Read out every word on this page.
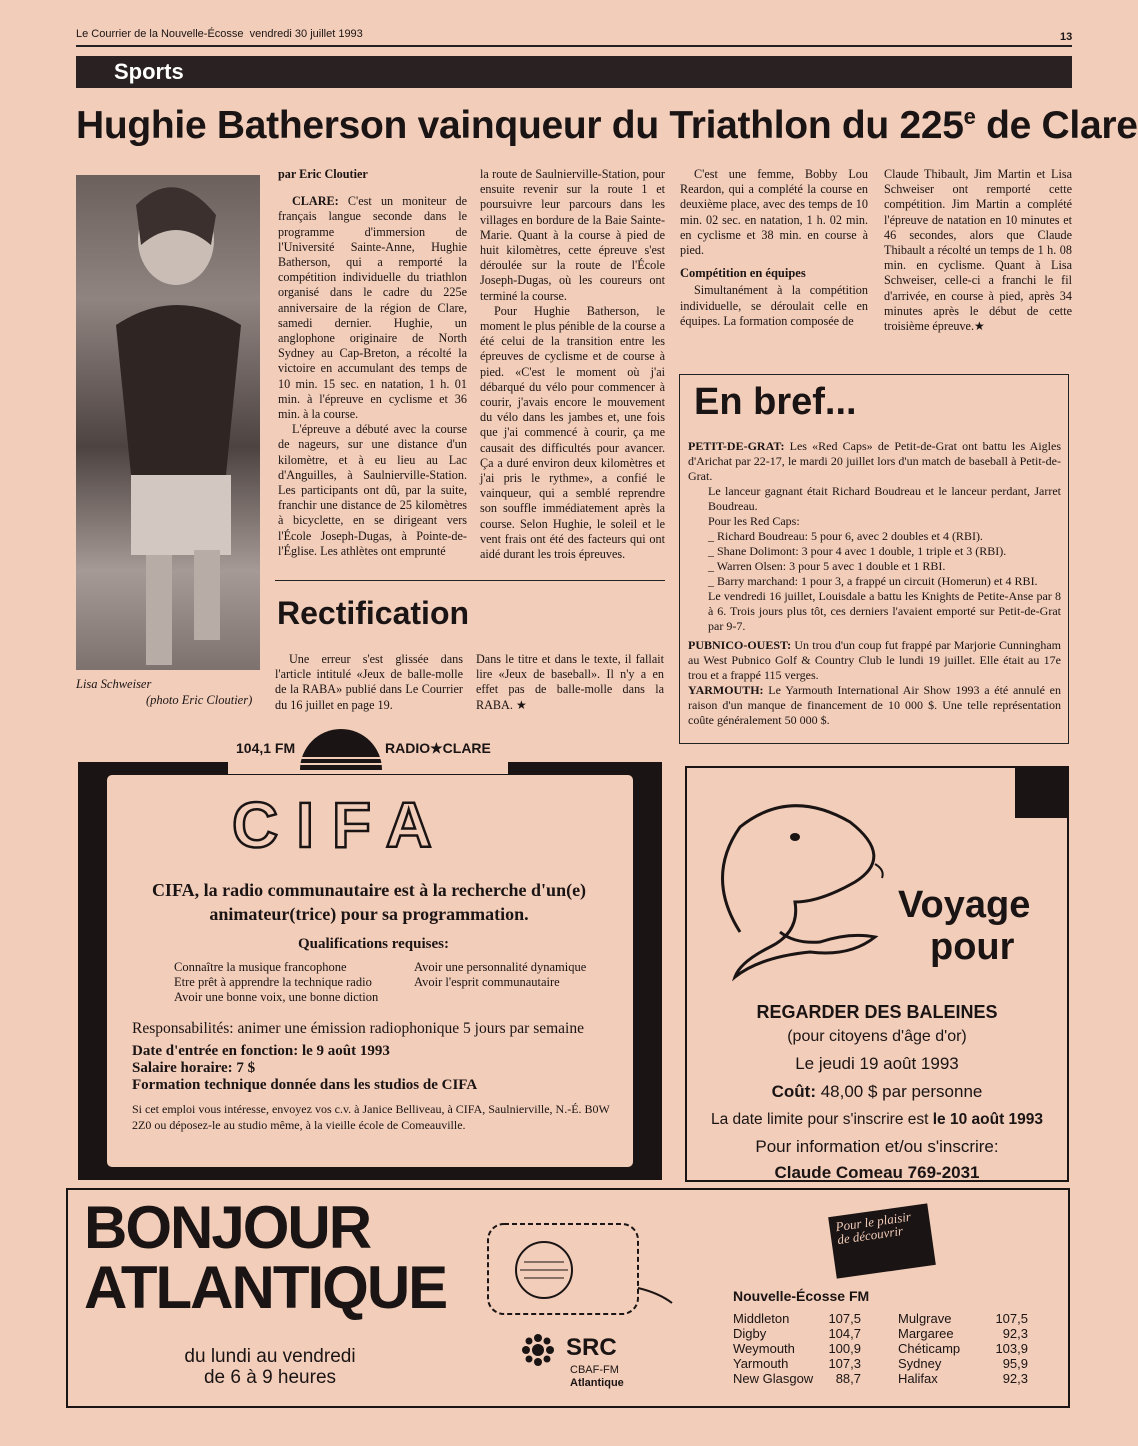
Le Courrier de la Nouvelle-Écosse vendredi 30 juillet 1993	13
Sports
Hughie Batherson vainqueur du Triathlon du 225e de Clare
Lisa Schweiser
(photo Eric Cloutier)

par Eric Cloutier

CLARE: C'est un moniteur de français langue seconde dans le programme d'immersion de l'Université Sainte-Anne, Hughie Batherson, qui a remporté la compétition individuelle du triathlon organisé dans le cadre du 225e anniversaire de la région de Clare, samedi dernier. Hughie, un anglophone originaire de North Sydney au Cap-Breton, a récolté la victoire en accumulant des temps de 10 min. 15 sec. en natation, 1 h. 01 min. à l'épreuve en cyclisme et 36 min. à la course.

L'épreuve a débuté avec la course de nageurs, sur une distance d'un kilomètre, et à eu lieu au Lac d'Anguilles, à Saulnierville-Station. Les participants ont dû, par la suite, franchir une distance de 25 kilomètres à bicyclette, en se dirigeant vers l'École Joseph-Dugas, à Pointe-de-l'Église. Les athlètes ont emprunté

la route de Saulnierville-Station, pour ensuite revenir sur la route 1 et poursuivre leur parcours dans les villages en bordure de la Baie Sainte-Marie. Quant à la course à pied de huit kilomètres, cette épreuve s'est déroulée sur la route de l'École Joseph-Dugas, où les coureurs ont terminé la course.

Pour Hughie Batherson, le moment le plus pénible de la course a été celui de la transition entre les épreuves de cyclisme et de course à pied. «C'est le moment où j'ai débarqué du vélo pour commencer à courir, j'avais encore le mouvement du vélo dans les jambes et, une fois que j'ai commencé à courir, ça me causait des difficultés pour avancer. Ça a duré environ deux kilomètres et j'ai pris le rythme», a confié le vainqueur, qui a semblé reprendre son souffle immédiatement après la course. Selon Hughie, le soleil et le vent frais ont été des facteurs qui ont aidé durant les trois épreuves.

C'est une femme, Bobby Lou Reardon, qui a complété la course en deuxième place, avec des temps de 10 min. 02 sec. en natation, 1 h. 02 min. en cyclisme et 38 min. en course à pied.

Compétition en équipes

Simultanément à la compétition individuelle, se déroulait celle en équipes. La formation composée de

Claude Thibault, Jim Martin et Lisa Schweiser ont remporté cette compétition. Jim Martin a complété l'épreuve de natation en 10 minutes et 46 secondes, alors que Claude Thibault a récolté un temps de 1 h. 08 min. en cyclisme. Quant à Lisa Schweiser, celle-ci a franchi le fil d'arrivée, en course à pied, après 34 minutes après le début de cette troisième épreuve.★

Rectification

Une erreur s'est glissée dans l'article intitulé «Jeux de balle-molle de la RABA» publié dans Le Courrier du 16 juillet en page 19.

Dans le titre et dans le texte, il fallait lire «Jeux de baseball». Il n'y a en effet pas de balle-molle dans la RABA. ★

En bref...

PETIT-DE-GRAT: Les «Red Caps» de Petit-de-Grat ont battu les Aigles d'Arichat par 22-17, le mardi 20 juillet lors d'un match de baseball à Petit-de-Grat.

Le lanceur gagnant était Richard Boudreau et le lanceur perdant, Jarret Boudreau.

Pour les Red Caps:

_ Richard Boudreau: 5 pour 6, avec 2 doubles et 4 (RBI).

_ Shane Dolimont: 3 pour 4 avec 1 double, 1 triple et 3 (RBI).

_ Warren Olsen: 3 pour 5 avec 1 double et 1 RBI.

_ Barry marchand: 1 pour 3, a frappé un circuit (Homerun) et 4 RBI.

Le vendredi 16 juillet, Louisdale a battu les Knights de Petite-Anse par 8 à 6. Trois jours plus tôt, ces derniers l'avaient emporté sur Petit-de-Grat par 9-7.

PUBNICO-OUEST: Un trou d'un coup fut frappé par Marjorie Cunningham au West Pubnico Golf & Country Club le lundi 19 juillet. Elle était au 17e trou et a frappé 115 verges.

YARMOUTH: Le Yarmouth International Air Show 1993 a été annulé en raison d'un manque de financement de 10 000 $. Une telle représentation coûte généralement 50 000 $.

104,1 FM	RADIO★CLARE
CIFA
CIFA, la radio communautaire est à la recherche d'un(e) animateur(trice) pour sa programmation.
Qualifications requises:
Connaître la musique francophone
Etre prêt à apprendre la technique radio
Avoir une bonne voix, une bonne diction
Avoir une personnalité dynamique
Avoir l'esprit communautaire
Responsabilités: animer une émission radiophonique 5 jours par semaine
Date d'entrée en fonction: le 9 août 1993
Salaire horaire: 7 $
Formation technique donnée dans les studios de CIFA
Si cet emploi vous intéresse, envoyez vos c.v. à Janice Belliveau, à CIFA, Saulnierville, N.-É. B0W 2Z0 ou déposez-le au studio même, à la vieille école de Comeauville.
Voyage
pour
REGARDER DES BALEINES
(pour citoyens d'âge d'or)
Le jeudi 19 août 1993
Coût: 48,00 $ par personne
La date limite pour s'inscrire est le 10 août 1993
Pour information et/ou s'inscrire:
Claude Comeau 769-2031
BONJOUR
ATLANTIQUE
du lundi au vendredi
de 6 à 9 heures
SRC
CBAF-FM
Atlantique
Pour le plaisir de découvrir
Nouvelle-Écosse FM
Middleton	107,5
Digby	104,7
Weymouth	100,9
Yarmouth	107,3
New Glasgow 88,7
Mulgrave	107,5
Margaree	92,3
Chéticamp	103,9
Sydney	95,9
Halifax	92,3
